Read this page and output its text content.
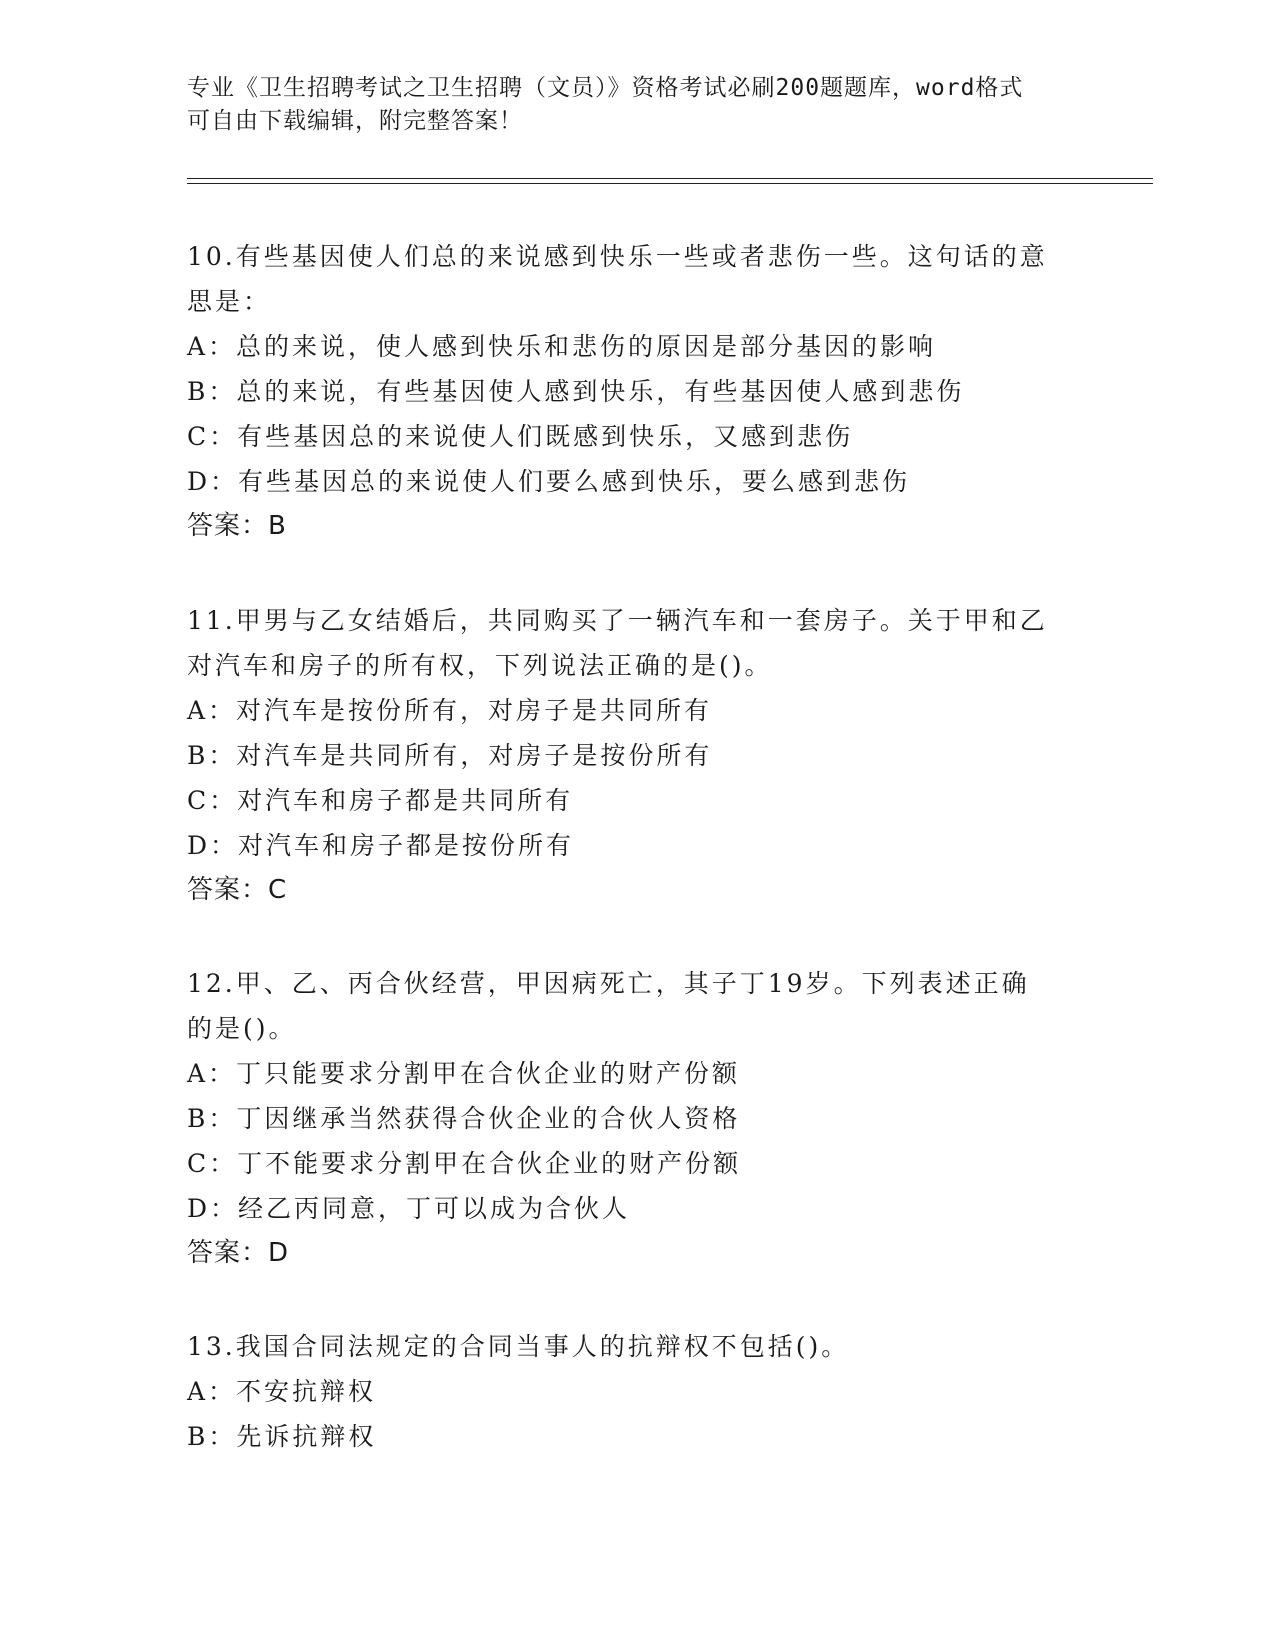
专业《卫生招聘考试之卫生招聘（文员）》资格考试必刷200题题库，word格式
可自由下载编辑，附完整答案！
10.有些基因使人们总的来说感到快乐一些或者悲伤一些。这句话的意
思是：
A：总的来说，使人感到快乐和悲伤的原因是部分基因的影响
B：总的来说，有些基因使人感到快乐，有些基因使人感到悲伤
C：有些基因总的来说使人们既感到快乐，又感到悲伤
D：有些基因总的来说使人们要么感到快乐，要么感到悲伤
答案：B
11.甲男与乙女结婚后，共同购买了一辆汽车和一套房子。关于甲和乙
对汽车和房子的所有权，下列说法正确的是()。
A：对汽车是按份所有，对房子是共同所有
B：对汽车是共同所有，对房子是按份所有
C：对汽车和房子都是共同所有
D：对汽车和房子都是按份所有
答案：C
12.甲、乙、丙合伙经营，甲因病死亡，其子丁19岁。下列表述正确
的是()。
A：丁只能要求分割甲在合伙企业的财产份额
B：丁因继承当然获得合伙企业的合伙人资格
C：丁不能要求分割甲在合伙企业的财产份额
D：经乙丙同意，丁可以成为合伙人
答案：D
13.我国合同法规定的合同当事人的抗辩权不包括()。
A：不安抗辩权
B：先诉抗辩权
